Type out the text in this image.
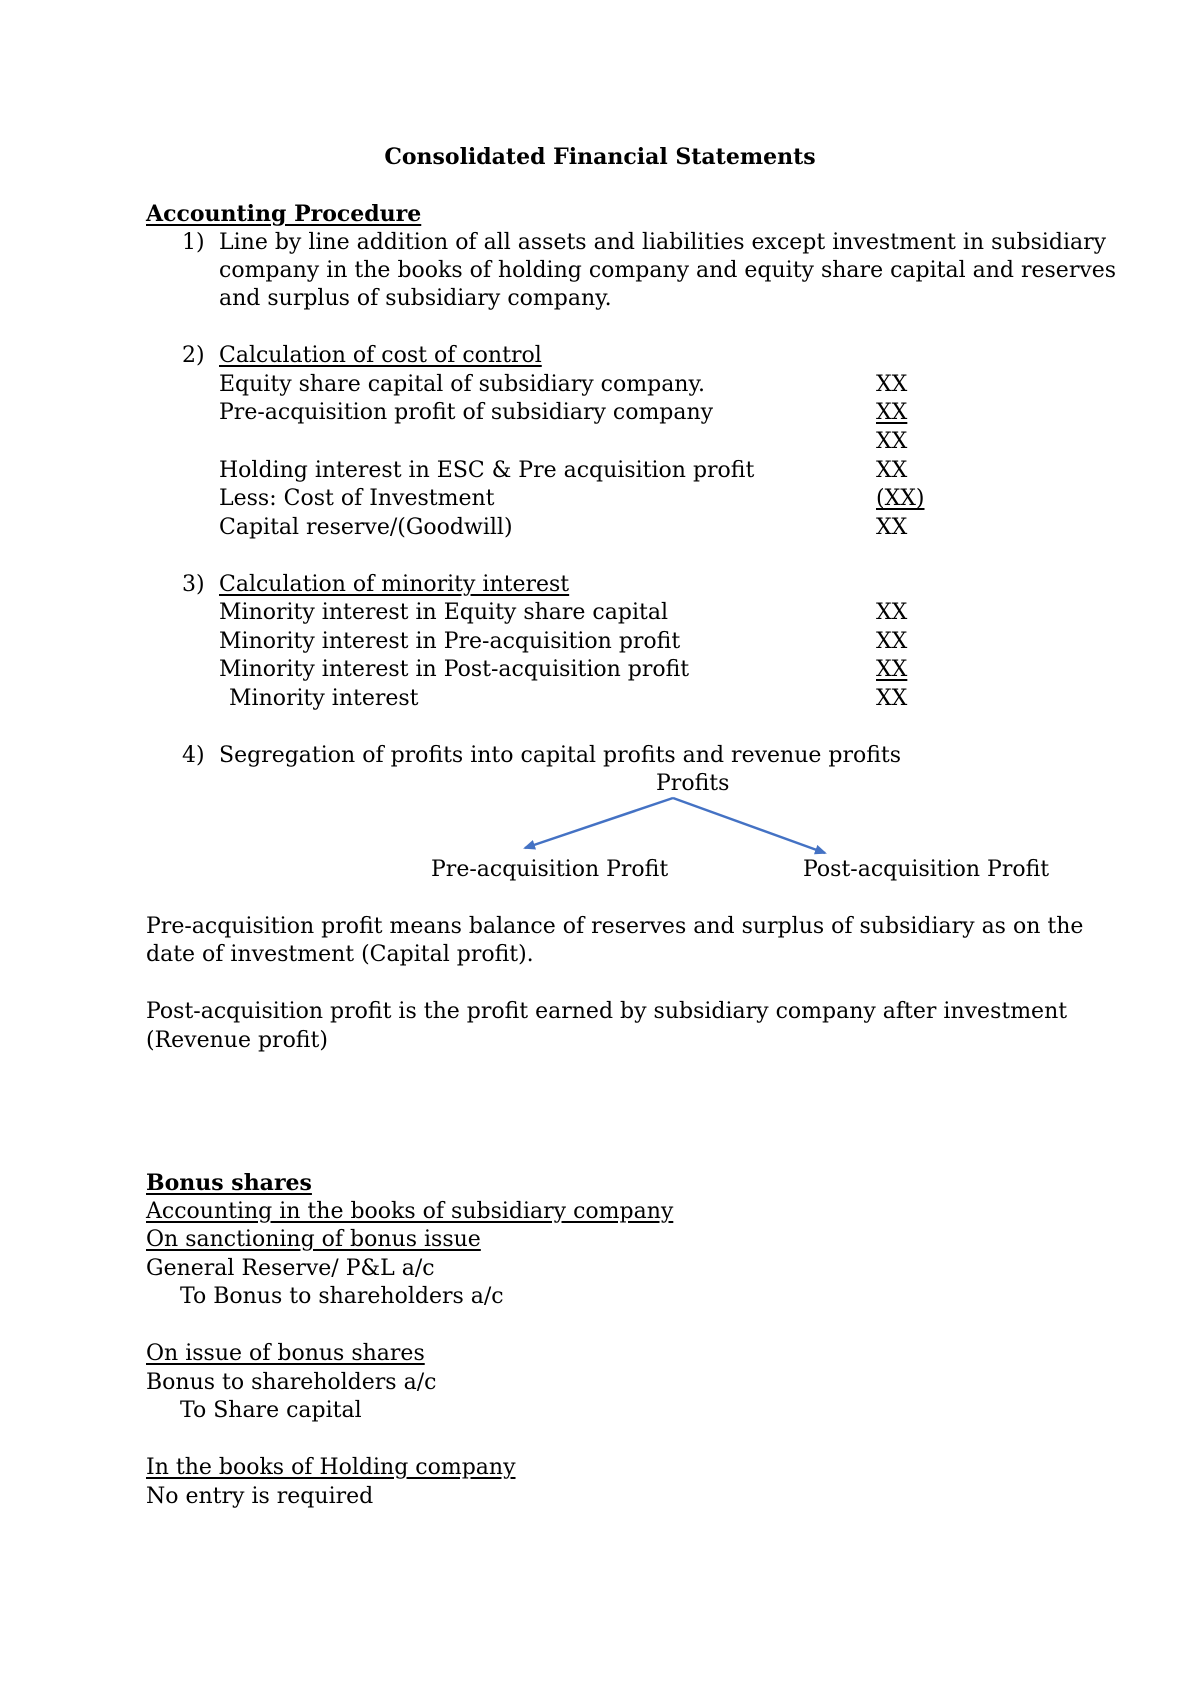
Consolidated Financial Statements
Accounting Procedure
1) Line by line addition of all assets and liabilities except investment in subsidiary
company in the books of holding company and equity share capital and reserves
and surplus of subsidiary company.
2) Calculation of cost of control
Equity share capital of subsidiary company.	XX
Pre-acquisition profit of subsidiary company	XX
XX
Holding interest in ESC & Pre acquisition profit	XX
Less: Cost of Investment	(XX)
Capital reserve/(Goodwill)	XX
3) Calculation of minority interest
Minority interest in Equity share capital	XX
Minority interest in Pre-acquisition profit	XX
Minority interest in Post-acquisition profit	XX
Minority interest	XX
4) Segregation of profits into capital profits and revenue profits
Profits
Pre-acquisition Profit	Post-acquisition Profit
Pre-acquisition profit means balance of reserves and surplus of subsidiary as on the
date of investment (Capital profit).
Post-acquisition profit is the profit earned by subsidiary company after investment
(Revenue profit)
Bonus shares
Accounting in the books of subsidiary company
On sanctioning of bonus issue
General Reserve/ P&L a/c
To Bonus to shareholders a/c
On issue of bonus shares
Bonus to shareholders a/c
To Share capital
In the books of Holding company
No entry is required
